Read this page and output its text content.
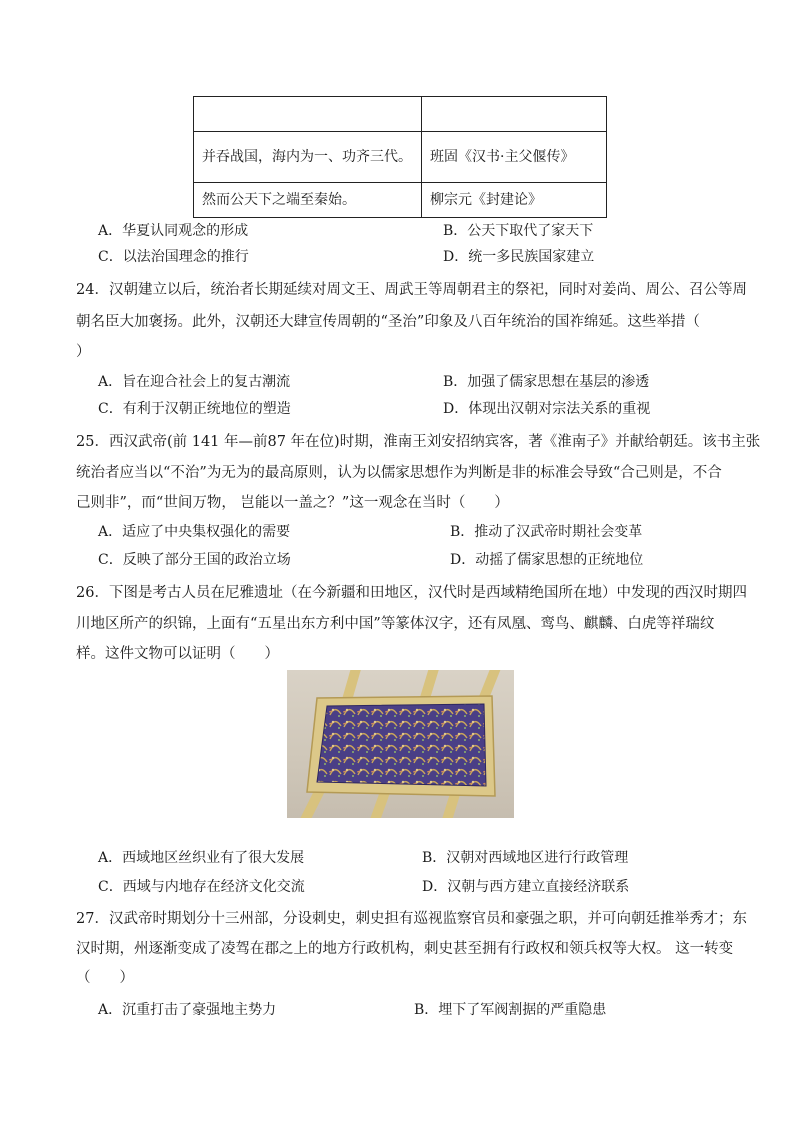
并吞战国，海内为一、功齐三代。	班固《汉书·主父偃传》
然而公天下之端至秦始。	柳宗元《封建论》
A．华夏认同观念的形成	B．公天下取代了家天下
C．以法治国理念的推行	D．统一多民族国家建立
24．汉朝建立以后，统治者长期延续对周文王、周武王等周朝君主的祭祀，同时对姜尚、周公、召公等周
朝名臣大加褒扬。此外，汉朝还大肆宣传周朝的“圣治”印象及八百年统治的国祚绵延。这些举措（
）
A．旨在迎合社会上的复古潮流	B．加强了儒家思想在基层的渗透
C．有利于汉朝正统地位的塑造	D．体现出汉朝对宗法关系的重视
25．西汉武帝(前 141 年—前87 年在位)时期，淮南王刘安招纳宾客，著《淮南子》并献给朝廷。该书主张
统治者应当以“不治”为无为的最高原则，认为以儒家思想作为判断是非的标准会导致“合己则是，不合
己则非”，而“世间万物， 岂能以一盖之？”这一观念在当时（　　）
A．适应了中央集权强化的需要	B．推动了汉武帝时期社会变革
C．反映了部分王国的政治立场	D．动摇了儒家思想的正统地位
26．下图是考古人员在尼雅遗址（在今新疆和田地区，汉代时是西域精绝国所在地）中发现的西汉时期四
川地区所产的织锦，上面有“五星出东方利中国”等篆体汉字，还有凤凰、鸾鸟、麒麟、白虎等祥瑞纹
样。这件文物可以证明（　　）
A．西域地区丝织业有了很大发展	B．汉朝对西域地区进行行政管理
C．西域与内地存在经济文化交流	D．汉朝与西方建立直接经济联系
27．汉武帝时期划分十三州部，分设刺史，刺史担有巡视监察官员和豪强之职，并可向朝廷推举秀才；东
汉时期，州逐渐变成了凌驾在郡之上的地方行政机构，刺史甚至拥有行政权和领兵权等大权。 这一转变
（　　）
A．沉重打击了豪强地主势力	B．埋下了军阀割据的严重隐患
